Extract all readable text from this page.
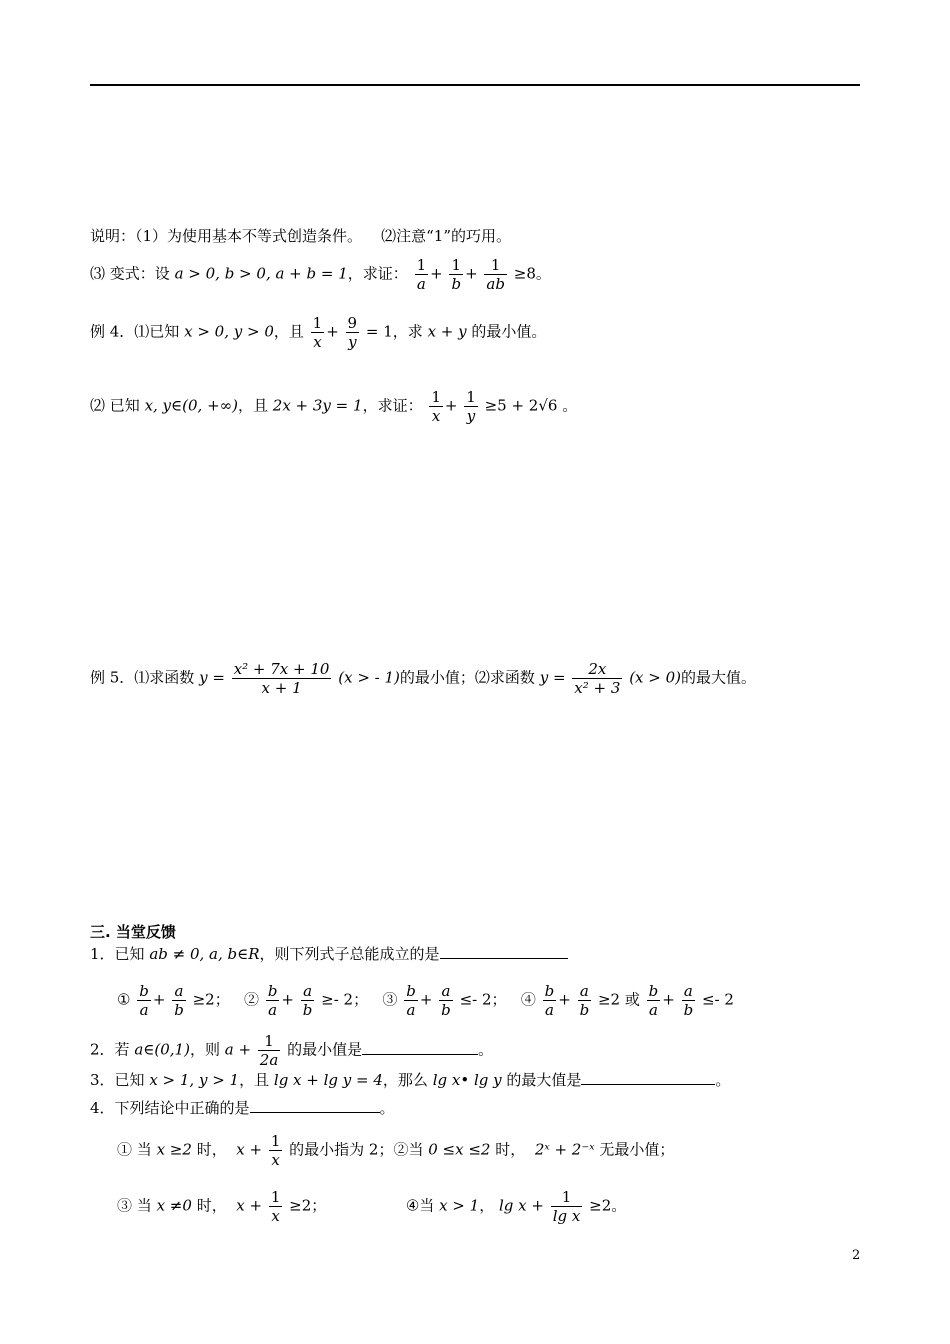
说明：（1）为使用基本不等式创造条件。 ⑵注意“1”的巧用。
⑶ 变式：设 a > 0, b > 0, a + b = 1，求证： $\frac{1}{a} + \frac{1}{b} + \frac{1}{ab} \ge 8$。
例 4．⑴已知 x > 0, y > 0，且 $\frac{1}{x} + \frac{9}{y} = 1$，求 x + y 的最小值。
⑵ 已知 x, y∈(0, +∞)，且 2x + 3y = 1，求证： $\frac{1}{x} + \frac{1}{y} \ge 5 + 2√6$ 。
例 5．⑴求函数 $y = \frac{\text{x² + 7x + 10}}{x + 1} (x$ > - 1)的最小值；⑵求函数 $y = \frac{2x}{\text{x² + 3}} (x > 0)$的最大值。
三. 当堂反馈
1．已知 ab ≠ 0, a, b∈R，则下列式子总能成立的是
① $\frac{b}{a} + \frac{a}{b} \ge 2$； ② $\frac{b}{a} + \frac{a}{b} \ge- 2$； ③ $\frac{b}{a} + \frac{a}{b} \le- 2$； ④ $\frac{b}{a} + \frac{a}{b} \ge 2$ 或 $\frac{b}{a} + \frac{a}{b} \le- 2$
2．若 a∈(0,1)，则 $a + \frac{1}{2a}$ 的最小值是	。
3．已知 x > 1, y > 1，且 lg x + lg y = 4，那么 lg x• lg y 的最大值是	。
4．下列结论中正确的是	。
① 当 x ≥2 时， $x + \frac{1}{x}$ 的最小指为 2；②当 0 ≤x ≤2 时， 2ˣ + 2⁻ˣ 无最小值；
③ 当 x ≠0 时， $x + \frac{1}{x} \ge 2$；	④当 x > 1， $\lg x + \frac{1}{\text{lg x}} \ge 2$。
2
